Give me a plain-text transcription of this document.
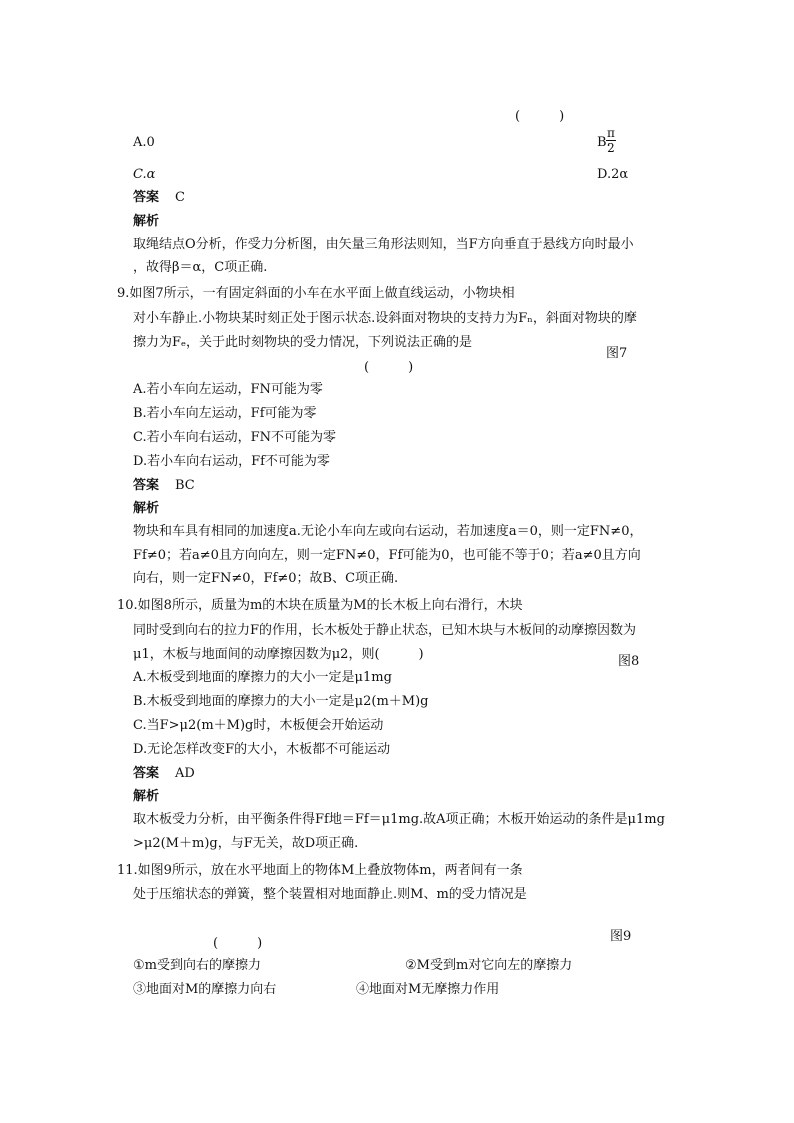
(　　　)
A.0	B.
π
2
C.α	D.2α
答案 C
解析
取绳结点O分析，作受力分析图，由矢量三角形法则知，当F方向垂直于悬线方向时最小
，故得β＝α，C项正确.
9.如图7所示，一有固定斜面的小车在水平面上做直线运动，小物块相
对小车静止.小物块某时刻正处于图示状态.设斜面对物块的支持力为Fₙ，斜面对物块的摩
擦力为Fₑ，关于此时刻物块的受力情况，下列说法正确的是
图7
(　　　)
A.若小车向左运动，FN可能为零
B.若小车向左运动，Ff可能为零
C.若小车向右运动，FN不可能为零
D.若小车向右运动，Ff不可能为零
答案 BC
解析
物块和车具有相同的加速度a.无论小车向左或向右运动，若加速度a＝0，则一定FN≠0，
Ff≠0；若a≠0且方向向左，则一定FN≠0，Ff可能为0，也可能不等于0；若a≠0且方向
向右，则一定FN≠0，Ff≠0；故B、C项正确.
10.如图8所示，质量为m的木块在质量为M的长木板上向右滑行，木块
同时受到向右的拉力F的作用，长木板处于静止状态，已知木块与木板间的动摩擦因数为
μ1，木板与地面间的动摩擦因数为μ2，则(　　　)	图8
A.木板受到地面的摩擦力的大小一定是μ1mg
B.木板受到地面的摩擦力的大小一定是μ2(m＋M)g
C.当F>μ2(m＋M)g时，木板便会开始运动
D.无论怎样改变F的大小，木板都不可能运动
答案 AD
解析
取木板受力分析，由平衡条件得Ff地＝Ff＝μ1mg.故A项正确；木板开始运动的条件是μ1mg
>μ2(M＋m)g，与F无关，故D项正确.
11.如图9所示，放在水平地面上的物体M上叠放物体m，两者间有一条
处于压缩状态的弹簧，整个装置相对地面静止.则M、m的受力情况是
图9
(　　　)
①m受到向右的摩擦力	②M受到m对它向左的摩擦力
③地面对M的摩擦力向右	④地面对M无摩擦力作用
